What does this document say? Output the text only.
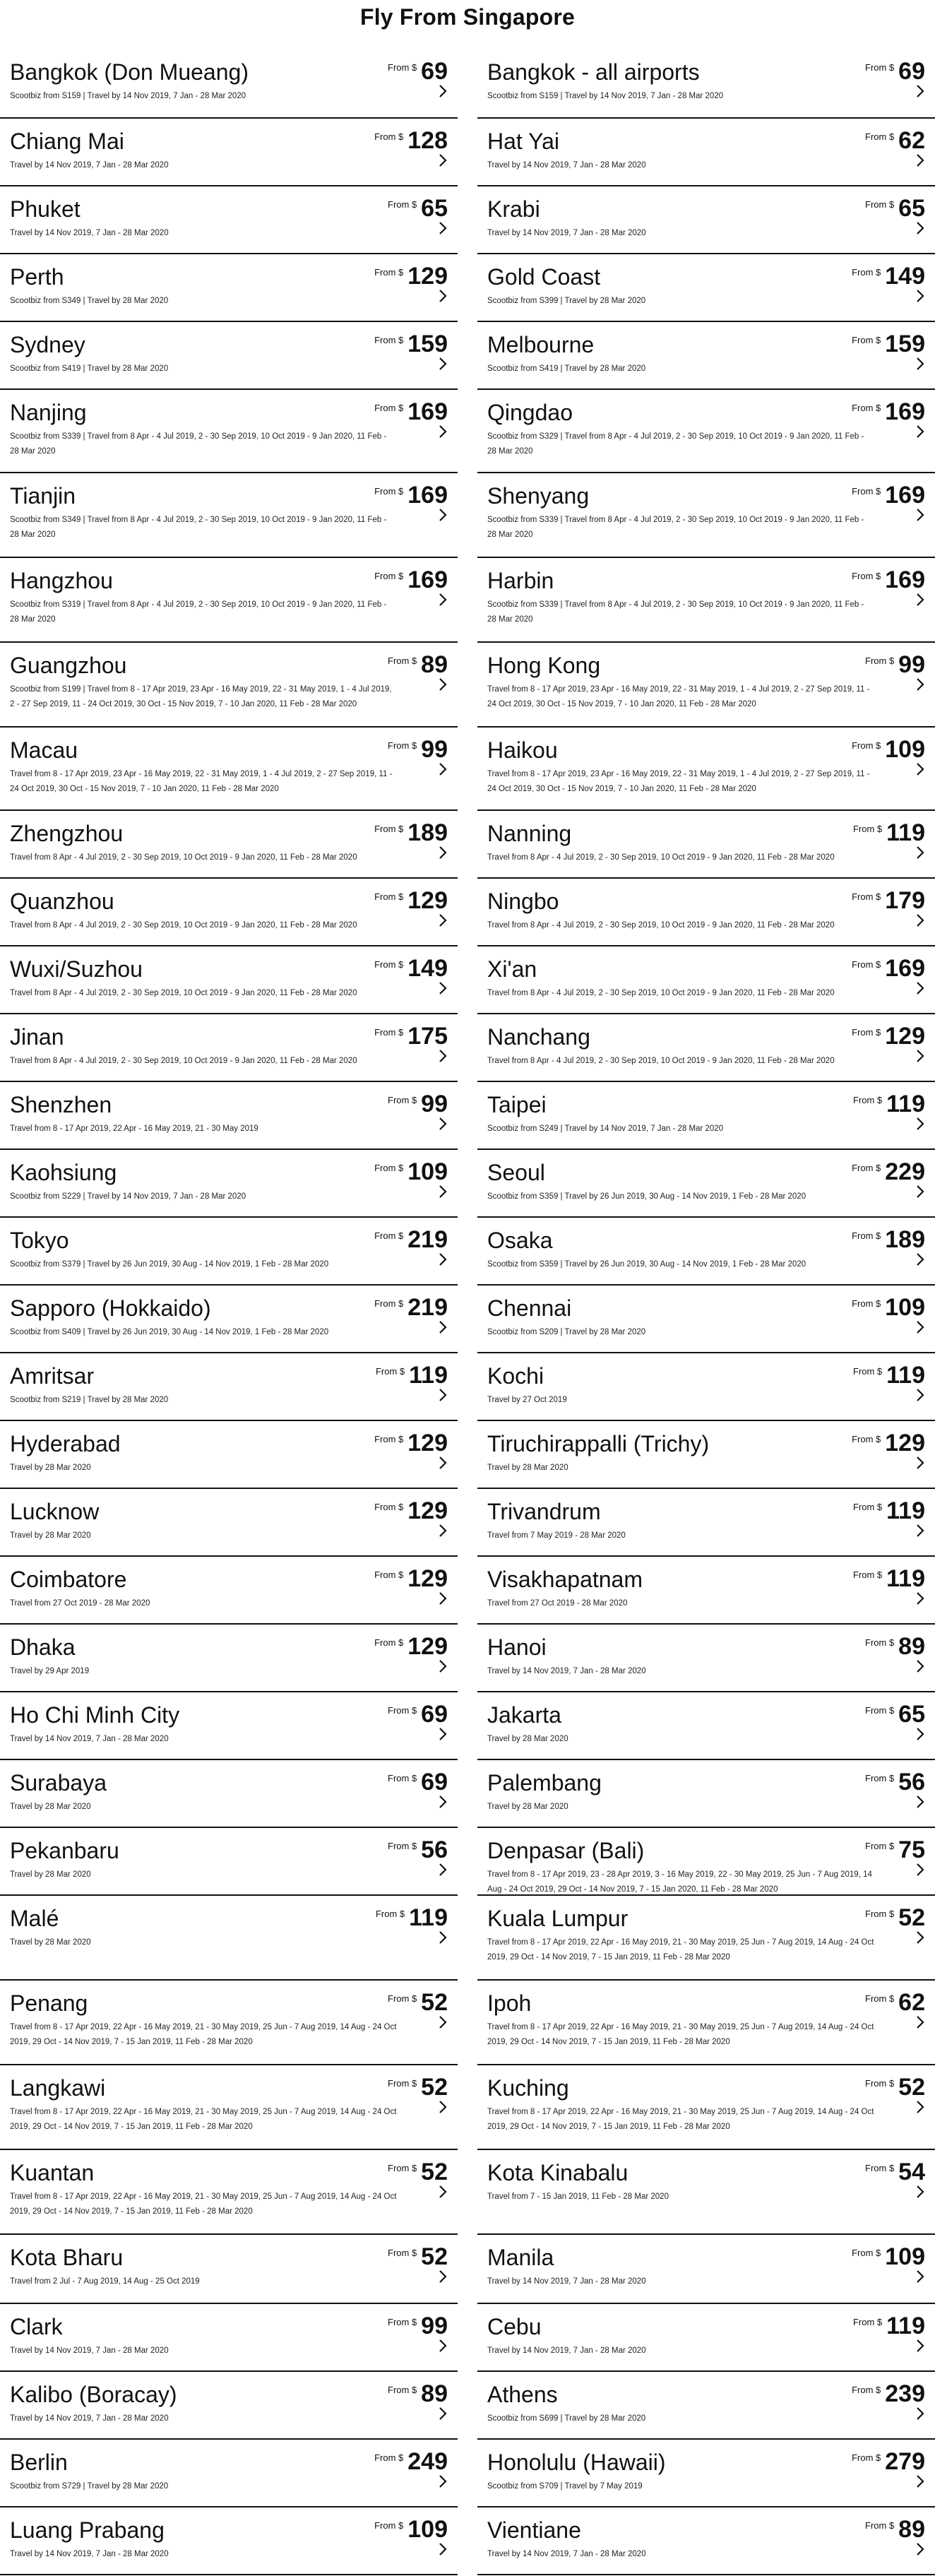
Fly From Singapore
Bangkok (Don Mueang)
Scootbiz from S159 | Travel by 14 Nov 2019, 7 Jan - 28 Mar 2020
From $ 69 Bangkok - all airports
Scootbiz from S159 | Travel by 14 Nov 2019, 7 Jan - 28 Mar 2020
From $ 69
Chiang Mai
Travel by 14 Nov 2019, 7 Jan - 28 Mar 2020
From $ 128 Hat Yai
Travel by 14 Nov 2019, 7 Jan - 28 Mar 2020
From $ 62
Phuket
Travel by 14 Nov 2019, 7 Jan - 28 Mar 2020
From $ 65 Krabi
Travel by 14 Nov 2019, 7 Jan - 28 Mar 2020
From $ 65
Perth
Scootbiz from S349 | Travel by 28 Mar 2020
From $ 129 Gold Coast
Scootbiz from S399 | Travel by 28 Mar 2020
From $ 149
Sydney
Scootbiz from S419 | Travel by 28 Mar 2020
From $ 159 Melbourne
Scootbiz from S419 | Travel by 28 Mar 2020
From $ 159
Nanjing
Scootbiz from S339 | Travel from 8 Apr - 4 Jul 2019, 2 - 30 Sep 2019, 10 Oct 2019 - 9 Jan 2020, 11 Feb - 28 Mar 2020
From $ 169 Qingdao
Scootbiz from S329 | Travel from 8 Apr - 4 Jul 2019, 2 - 30 Sep 2019, 10 Oct 2019 - 9 Jan 2020, 11 Feb - 28 Mar 2020
From $ 169
Tianjin
Scootbiz from S349 | Travel from 8 Apr - 4 Jul 2019, 2 - 30 Sep 2019, 10 Oct 2019 - 9 Jan 2020, 11 Feb - 28 Mar 2020
From $ 169 Shenyang
Scootbiz from S339 | Travel from 8 Apr - 4 Jul 2019, 2 - 30 Sep 2019, 10 Oct 2019 - 9 Jan 2020, 11 Feb - 28 Mar 2020
From $ 169
Hangzhou
Scootbiz from S319 | Travel from 8 Apr - 4 Jul 2019, 2 - 30 Sep 2019, 10 Oct 2019 - 9 Jan 2020, 11 Feb - 28 Mar 2020
From $ 169 Harbin
Scootbiz from S339 | Travel from 8 Apr - 4 Jul 2019, 2 - 30 Sep 2019, 10 Oct 2019 - 9 Jan 2020, 11 Feb - 28 Mar 2020
From $ 169
Guangzhou
Scootbiz from S199 | Travel from 8 - 17 Apr 2019, 23 Apr - 16 May 2019, 22 - 31 May 2019, 1 - 4 Jul 2019, 2 - 27 Sep 2019, 11 - 24 Oct 2019, 30 Oct - 15 Nov 2019, 7 - 10 Jan 2020, 11 Feb - 28 Mar 2020
From $ 89 Hong Kong
Travel from 8 - 17 Apr 2019, 23 Apr - 16 May 2019, 22 - 31 May 2019, 1 - 4 Jul 2019, 2 - 27 Sep 2019, 11 - 24 Oct 2019, 30 Oct - 15 Nov 2019, 7 - 10 Jan 2020, 11 Feb - 28 Mar 2020
From $ 99
Macau
Travel from 8 - 17 Apr 2019, 23 Apr - 16 May 2019, 22 - 31 May 2019, 1 - 4 Jul 2019, 2 - 27 Sep 2019, 11 - 24 Oct 2019, 30 Oct - 15 Nov 2019, 7 - 10 Jan 2020, 11 Feb - 28 Mar 2020
From $ 99 Haikou
Travel from 8 - 17 Apr 2019, 23 Apr - 16 May 2019, 22 - 31 May 2019, 1 - 4 Jul 2019, 2 - 27 Sep 2019, 11 - 24 Oct 2019, 30 Oct - 15 Nov 2019, 7 - 10 Jan 2020, 11 Feb - 28 Mar 2020
From $ 109
Zhengzhou
Travel from 8 Apr - 4 Jul 2019, 2 - 30 Sep 2019, 10 Oct 2019 - 9 Jan 2020, 11 Feb - 28 Mar 2020
From $ 189 Nanning
Travel from 8 Apr - 4 Jul 2019, 2 - 30 Sep 2019, 10 Oct 2019 - 9 Jan 2020, 11 Feb - 28 Mar 2020
From $ 119
Quanzhou
Travel from 8 Apr - 4 Jul 2019, 2 - 30 Sep 2019, 10 Oct 2019 - 9 Jan 2020, 11 Feb - 28 Mar 2020
From $ 129 Ningbo
Travel from 8 Apr - 4 Jul 2019, 2 - 30 Sep 2019, 10 Oct 2019 - 9 Jan 2020, 11 Feb - 28 Mar 2020
From $ 179
Wuxi/Suzhou
Travel from 8 Apr - 4 Jul 2019, 2 - 30 Sep 2019, 10 Oct 2019 - 9 Jan 2020, 11 Feb - 28 Mar 2020
From $ 149 Xi'an
Travel from 8 Apr - 4 Jul 2019, 2 - 30 Sep 2019, 10 Oct 2019 - 9 Jan 2020, 11 Feb - 28 Mar 2020
From $ 169
Jinan
Travel from 8 Apr - 4 Jul 2019, 2 - 30 Sep 2019, 10 Oct 2019 - 9 Jan 2020, 11 Feb - 28 Mar 2020
From $ 175 Nanchang
Travel from 8 Apr - 4 Jul 2019, 2 - 30 Sep 2019, 10 Oct 2019 - 9 Jan 2020, 11 Feb - 28 Mar 2020
From $ 129
Shenzhen
Travel from 8 - 17 Apr 2019, 22 Apr - 16 May 2019, 21 - 30 May 2019
From $ 99 Taipei
Scootbiz from S249 | Travel by 14 Nov 2019, 7 Jan - 28 Mar 2020
From $ 119
Kaohsiung
Scootbiz from S229 | Travel by 14 Nov 2019, 7 Jan - 28 Mar 2020
From $ 109 Seoul
Scootbiz from S359 | Travel by 26 Jun 2019, 30 Aug - 14 Nov 2019, 1 Feb - 28 Mar 2020
From $ 229
Tokyo
Scootbiz from S379 | Travel by 26 Jun 2019, 30 Aug - 14 Nov 2019, 1 Feb - 28 Mar 2020
From $ 219 Osaka
Scootbiz from S359 | Travel by 26 Jun 2019, 30 Aug - 14 Nov 2019, 1 Feb - 28 Mar 2020
From $ 189
Sapporo (Hokkaido)
Scootbiz from S409 | Travel by 26 Jun 2019, 30 Aug - 14 Nov 2019, 1 Feb - 28 Mar 2020
From $ 219 Chennai
Scootbiz from S209 | Travel by 28 Mar 2020
From $ 109
Amritsar
Scootbiz from S219 | Travel by 28 Mar 2020
From $ 119 Kochi
Travel by 27 Oct 2019
From $ 119
Hyderabad
Travel by 28 Mar 2020
From $ 129 Tiruchirappalli (Trichy)
Travel by 28 Mar 2020
From $ 129
Lucknow
Travel by 28 Mar 2020
From $ 129 Trivandrum
Travel from 7 May 2019 - 28 Mar 2020
From $ 119
Coimbatore
Travel from 27 Oct 2019 - 28 Mar 2020
From $ 129 Visakhapatnam
Travel from 27 Oct 2019 - 28 Mar 2020
From $ 119
Dhaka
Travel by 29 Apr 2019
From $ 129 Hanoi
Travel by 14 Nov 2019, 7 Jan - 28 Mar 2020
From $ 89
Ho Chi Minh City
Travel by 14 Nov 2019, 7 Jan - 28 Mar 2020
From $ 69 Jakarta
Travel by 28 Mar 2020
From $ 65
Surabaya
Travel by 28 Mar 2020
From $ 69 Palembang
Travel by 28 Mar 2020
From $ 56
Pekanbaru
Travel by 28 Mar 2020
From $ 56 Denpasar (Bali)
Travel from 8 - 17 Apr 2019, 23 - 28 Apr 2019, 3 - 16 May 2019, 22 - 30 May 2019, 25 Jun - 7 Aug 2019, 14 Aug - 24 Oct 2019, 29 Oct - 14 Nov 2019, 7 - 15 Jan 2020, 11 Feb - 28 Mar 2020
From $ 75
Malé
Travel by 28 Mar 2020
From $ 119 Kuala Lumpur
Travel from 8 - 17 Apr 2019, 22 Apr - 16 May 2019, 21 - 30 May 2019, 25 Jun - 7 Aug 2019, 14 Aug - 24 Oct 2019, 29 Oct - 14 Nov 2019, 7 - 15 Jan 2019, 11 Feb - 28 Mar 2020
From $ 52
Penang
Travel from 8 - 17 Apr 2019, 22 Apr - 16 May 2019, 21 - 30 May 2019, 25 Jun - 7 Aug 2019, 14 Aug - 24 Oct 2019, 29 Oct - 14 Nov 2019, 7 - 15 Jan 2019, 11 Feb - 28 Mar 2020
From $ 52 Ipoh
Travel from 8 - 17 Apr 2019, 22 Apr - 16 May 2019, 21 - 30 May 2019, 25 Jun - 7 Aug 2019, 14 Aug - 24 Oct 2019, 29 Oct - 14 Nov 2019, 7 - 15 Jan 2019, 11 Feb - 28 Mar 2020
From $ 62
Langkawi
Travel from 8 - 17 Apr 2019, 22 Apr - 16 May 2019, 21 - 30 May 2019, 25 Jun - 7 Aug 2019, 14 Aug - 24 Oct 2019, 29 Oct - 14 Nov 2019, 7 - 15 Jan 2019, 11 Feb - 28 Mar 2020
From $ 52 Kuching
Travel from 8 - 17 Apr 2019, 22 Apr - 16 May 2019, 21 - 30 May 2019, 25 Jun - 7 Aug 2019, 14 Aug - 24 Oct 2019, 29 Oct - 14 Nov 2019, 7 - 15 Jan 2019, 11 Feb - 28 Mar 2020
From $ 52
Kuantan
Travel from 8 - 17 Apr 2019, 22 Apr - 16 May 2019, 21 - 30 May 2019, 25 Jun - 7 Aug 2019, 14 Aug - 24 Oct 2019, 29 Oct - 14 Nov 2019, 7 - 15 Jan 2019, 11 Feb - 28 Mar 2020
From $ 52 Kota Kinabalu
Travel from 7 - 15 Jan 2019, 11 Feb - 28 Mar 2020
From $ 54
Kota Bharu
Travel from 2 Jul - 7 Aug 2019, 14 Aug - 25 Oct 2019
From $ 52 Manila
Travel by 14 Nov 2019, 7 Jan - 28 Mar 2020
From $ 109
Clark
Travel by 14 Nov 2019, 7 Jan - 28 Mar 2020
From $ 99 Cebu
Travel by 14 Nov 2019, 7 Jan - 28 Mar 2020
From $ 119
Kalibo (Boracay)
Travel by 14 Nov 2019, 7 Jan - 28 Mar 2020
From $ 89 Athens
Scootbiz from S699 | Travel by 28 Mar 2020
From $ 239
Berlin
Scootbiz from S729 | Travel by 28 Mar 2020
From $ 249 Honolulu (Hawaii)
Scootbiz from S709 | Travel by 7 May 2019
From $ 279
Luang Prabang
Travel by 14 Nov 2019, 7 Jan - 28 Mar 2020
From $ 109 Vientiane
Travel by 14 Nov 2019, 7 Jan - 28 Mar 2020
From $ 89
